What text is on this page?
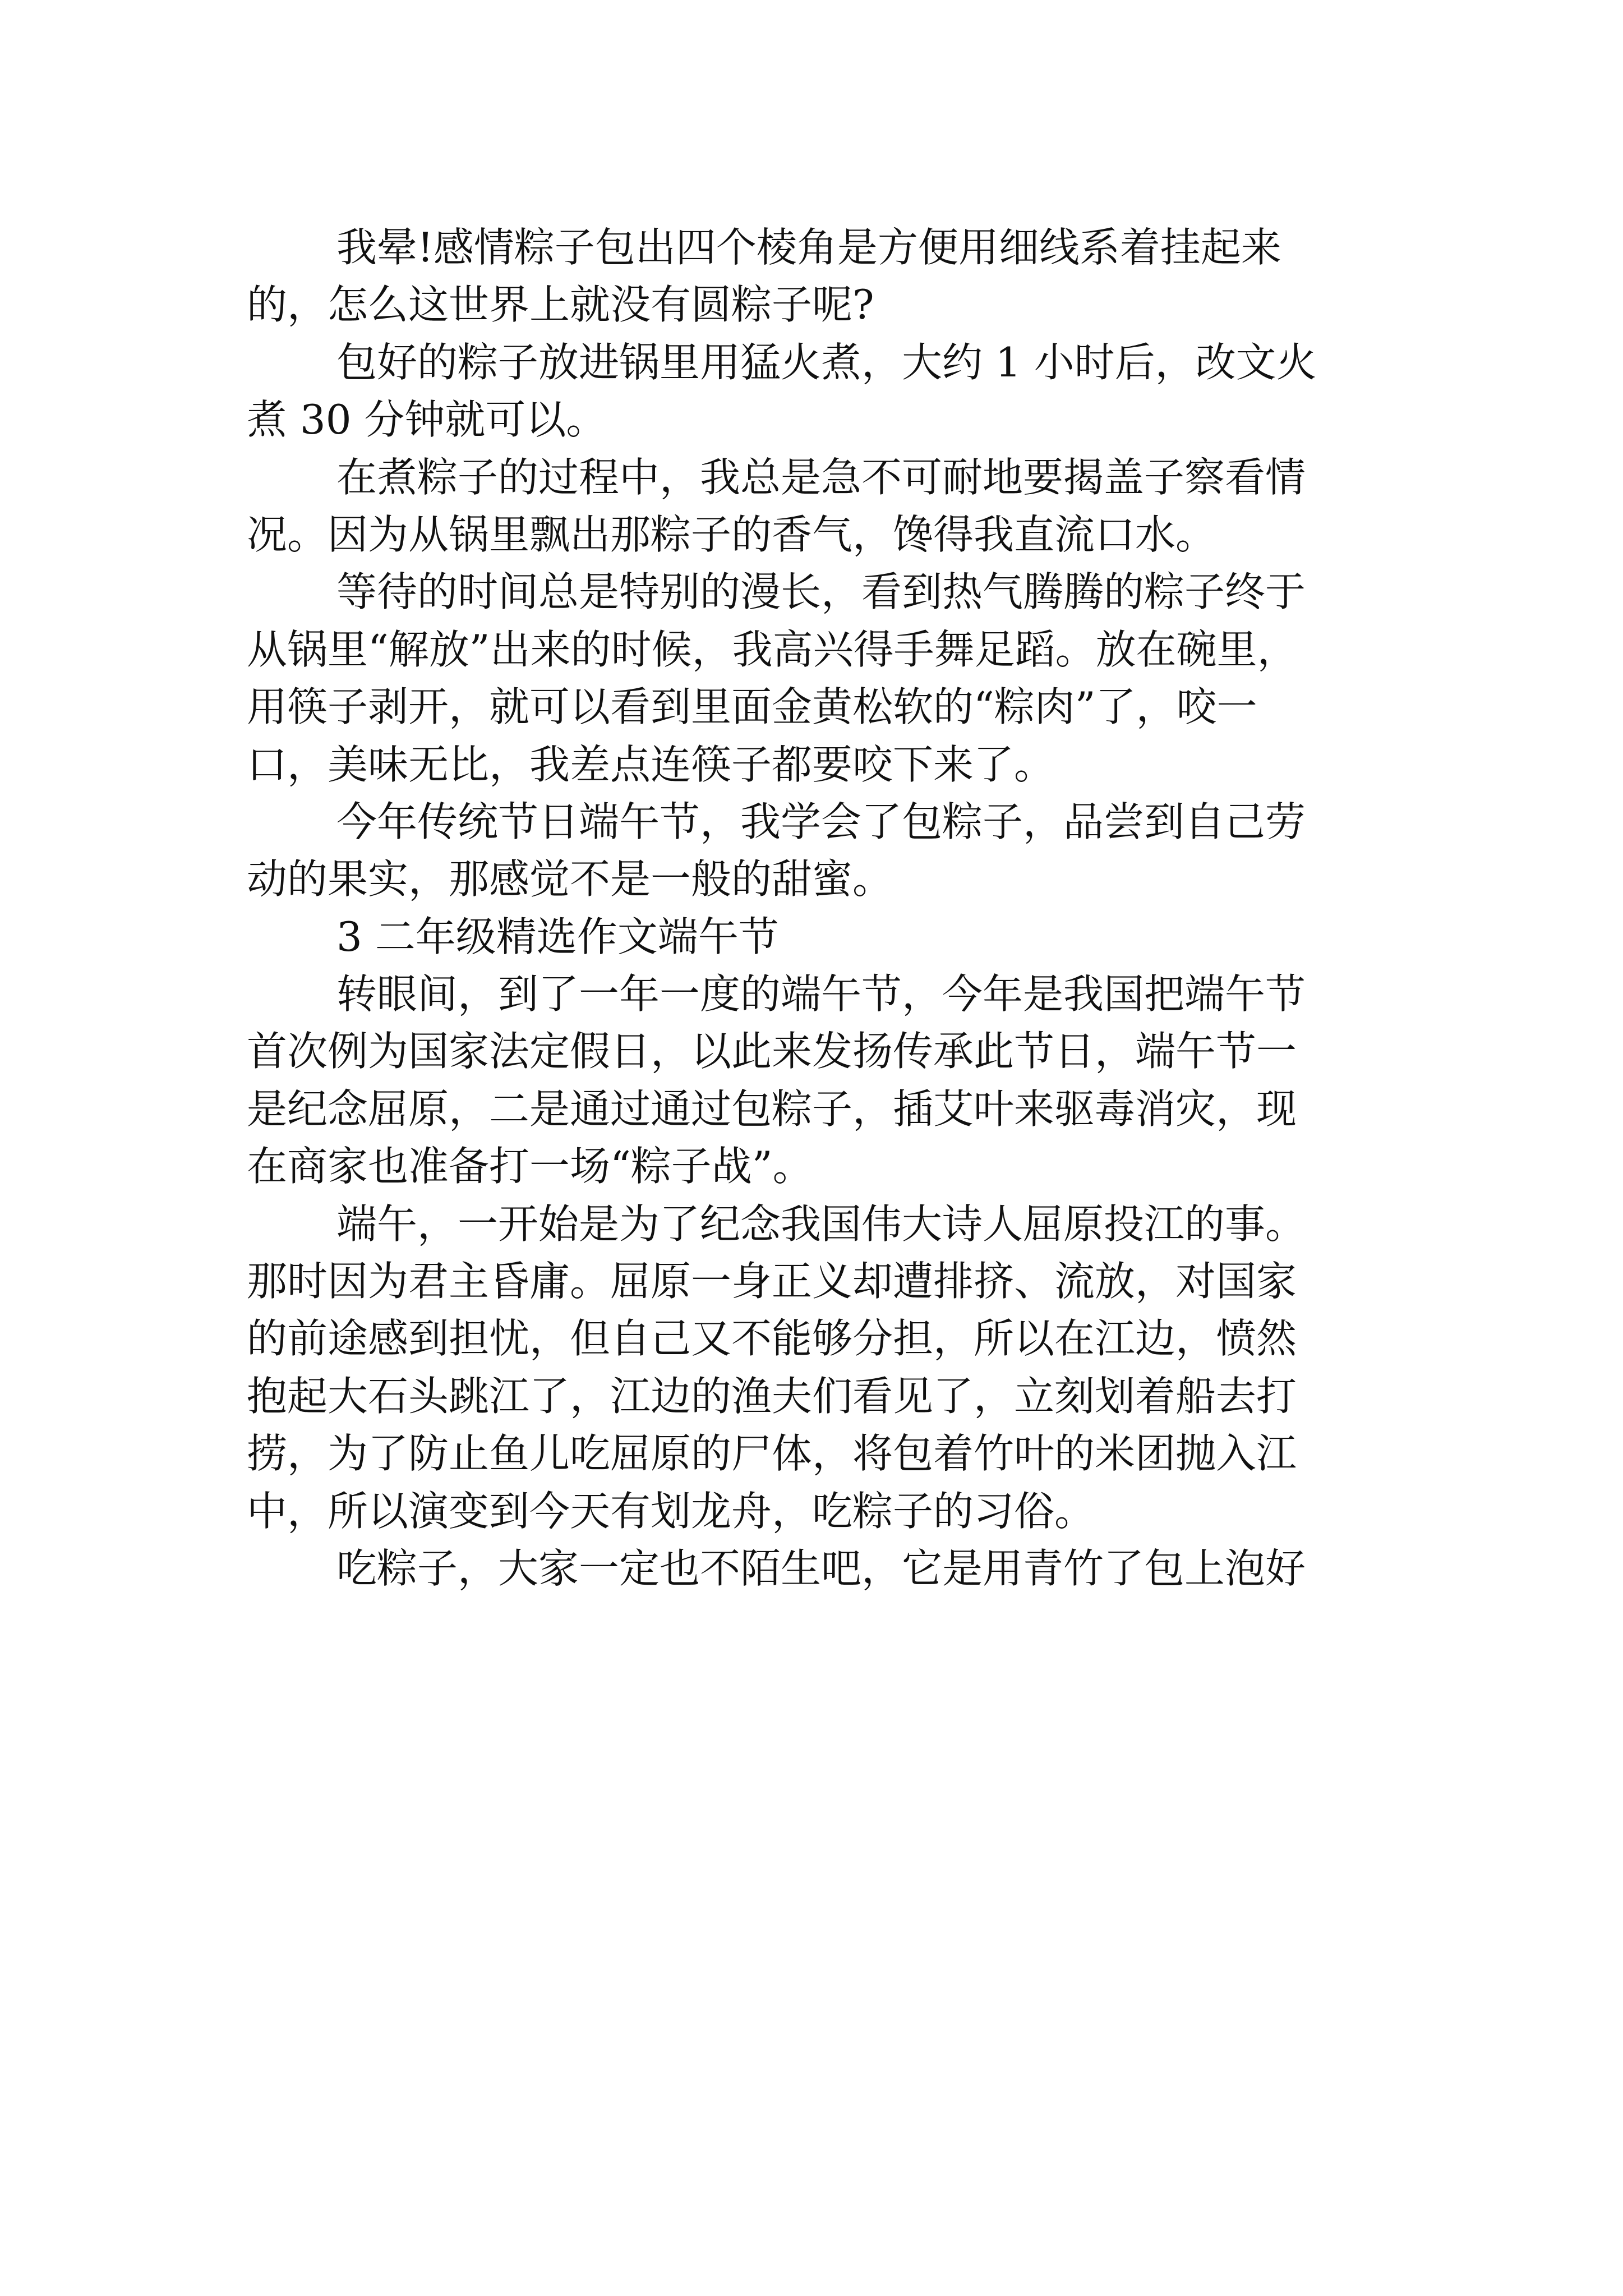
我晕!感情粽子包出四个棱角是方便用细线系着挂起来
的，怎么这世界上就没有圆粽子呢?
包好的粽子放进锅里用猛火煮，大约 1 小时后，改文火
煮 30 分钟就可以。
在煮粽子的过程中，我总是急不可耐地要揭盖子察看情
况。因为从锅里飘出那粽子的香气，馋得我直流口水。
等待的时间总是特别的漫长，看到热气腾腾的粽子终于
从锅里“解放”出来的时候，我高兴得手舞足蹈。放在碗里，
用筷子剥开，就可以看到里面金黄松软的“粽肉”了，咬一
口，美味无比，我差点连筷子都要咬下来了。
今年传统节日端午节，我学会了包粽子，品尝到自己劳
动的果实，那感觉不是一般的甜蜜。
3 二年级精选作文端午节
转眼间，到了一年一度的端午节，今年是我国把端午节
首次例为国家法定假日，以此来发扬传承此节日，端午节一
是纪念屈原，二是通过通过包粽子，插艾叶来驱毒消灾，现
在商家也准备打一场“粽子战”。
端午，一开始是为了纪念我国伟大诗人屈原投江的事。
那时因为君主昏庸。屈原一身正义却遭排挤、流放，对国家
的前途感到担忧，但自己又不能够分担，所以在江边，愤然
抱起大石头跳江了，江边的渔夫们看见了，立刻划着船去打
捞，为了防止鱼儿吃屈原的尸体，将包着竹叶的米团抛入江
中，所以演变到今天有划龙舟，吃粽子的习俗。
吃粽子，大家一定也不陌生吧，它是用青竹了包上泡好
